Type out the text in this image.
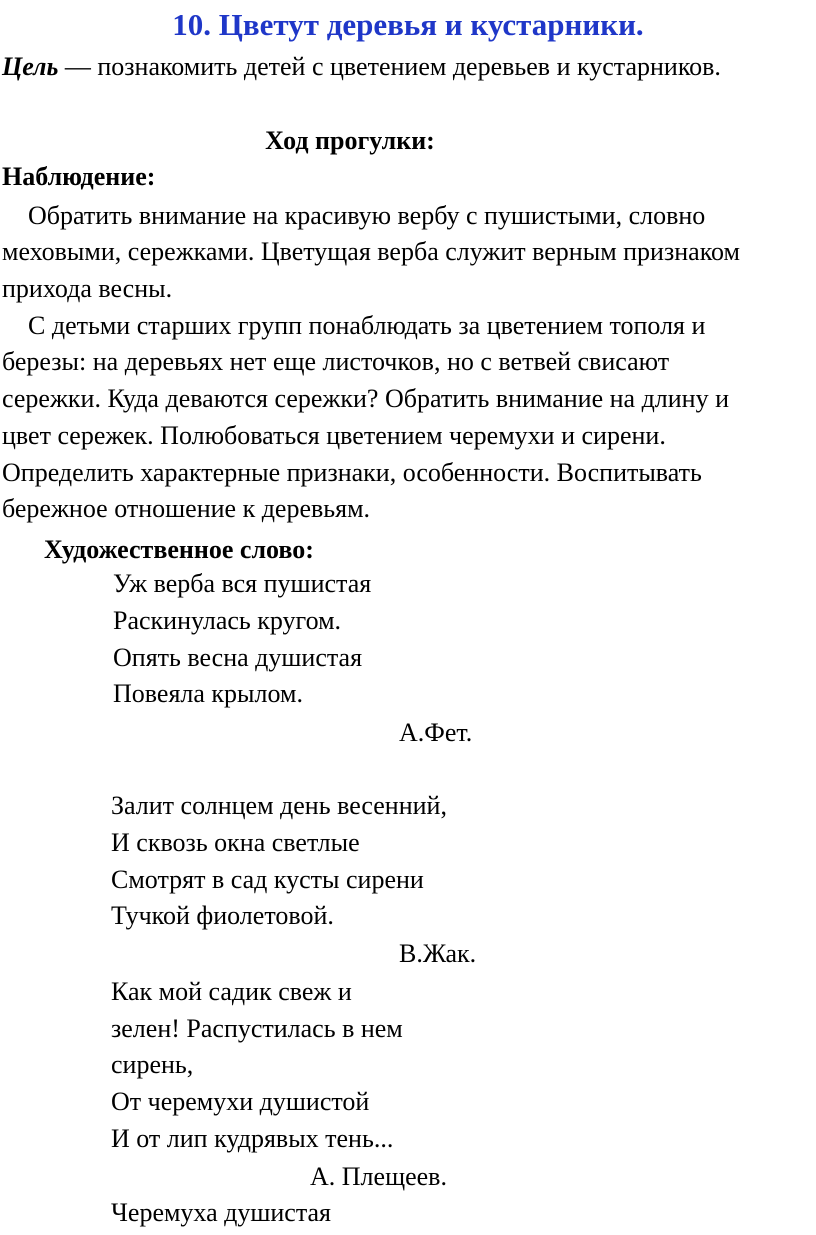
10. Цветут деревья и кустарники.
Цель — познакомить детей с цветением деревьев и кустарников.
Ход прогулки:
Наблюдение:
Обратить внимание на красивую вербу с пушистыми, словно
меховыми, сережками. Цветущая верба служит верным признаком
прихода весны.
С детьми старших групп понаблюдать за цветением тополя и
березы: на деревьях нет еще листочков, но с ветвей свисают
сережки. Куда деваются сережки? Обратить внимание на длину и
цвет сережек. Полюбоваться цветением черемухи и сирени.
Определить характерные признаки, особенности. Воспитывать
бережное отношение к деревьям.
Художественное слово:
Уж верба вся пушистая
Раскинулась кругом.
Опять весна душистая
Повеяла крылом.
А.Фет.
Залит солнцем день весенний,
И сквозь окна светлые
Смотрят в сад кусты сирени
Тучкой фиолетовой.
В.Жак.
Как мой садик свеж и
зелен! Распустилась в нем
сирень,
От черемухи душистой
И от лип кудрявых тень...
А. Плещеев.
Черемуха душистая
